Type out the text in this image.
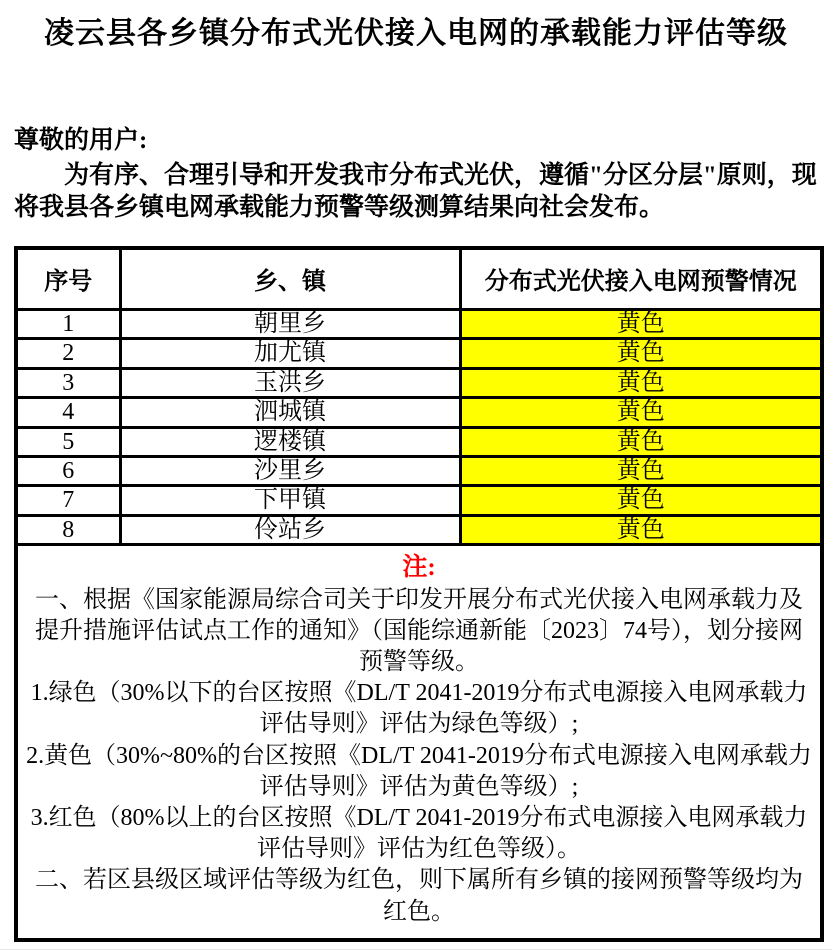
凌云县各乡镇分布式光伏接入电网的承载能力评估等级
尊敬的用户:
为有序、合理引导和开发我市分布式光伏，遵循"分区分层"原则，现将我县各乡镇电网承载能力预警等级测算结果向社会发布。
序号	乡、镇	分布式光伏接入电网预警情况
1	朝里乡	黄色
2	加尤镇	黄色
3	玉洪乡	黄色
4	泗城镇	黄色
5	逻楼镇	黄色
6	沙里乡	黄色
7	下甲镇	黄色
8	伶站乡	黄色

注:
一、根据《国家能源局综合司关于印发开展分布式光伏接入电网承载力及提升措施评估试点工作的通知》（国能综通新能〔2023〕74号），划分接网预警等级。
1.绿色（30%以下的台区按照《DL/T 2041-2019分布式电源接入电网承载力评估导则》评估为绿色等级）;
2.黄色（30%~80%的台区按照《DL/T 2041-2019分布式电源接入电网承载力评估导则》评估为黄色等级）;
3.红色（80%以上的台区按照《DL/T 2041-2019分布式电源接入电网承载力评估导则》评估为红色等级）。
二、若区县级区域评估等级为红色，则下属所有乡镇的接网预警等级均为红色。
